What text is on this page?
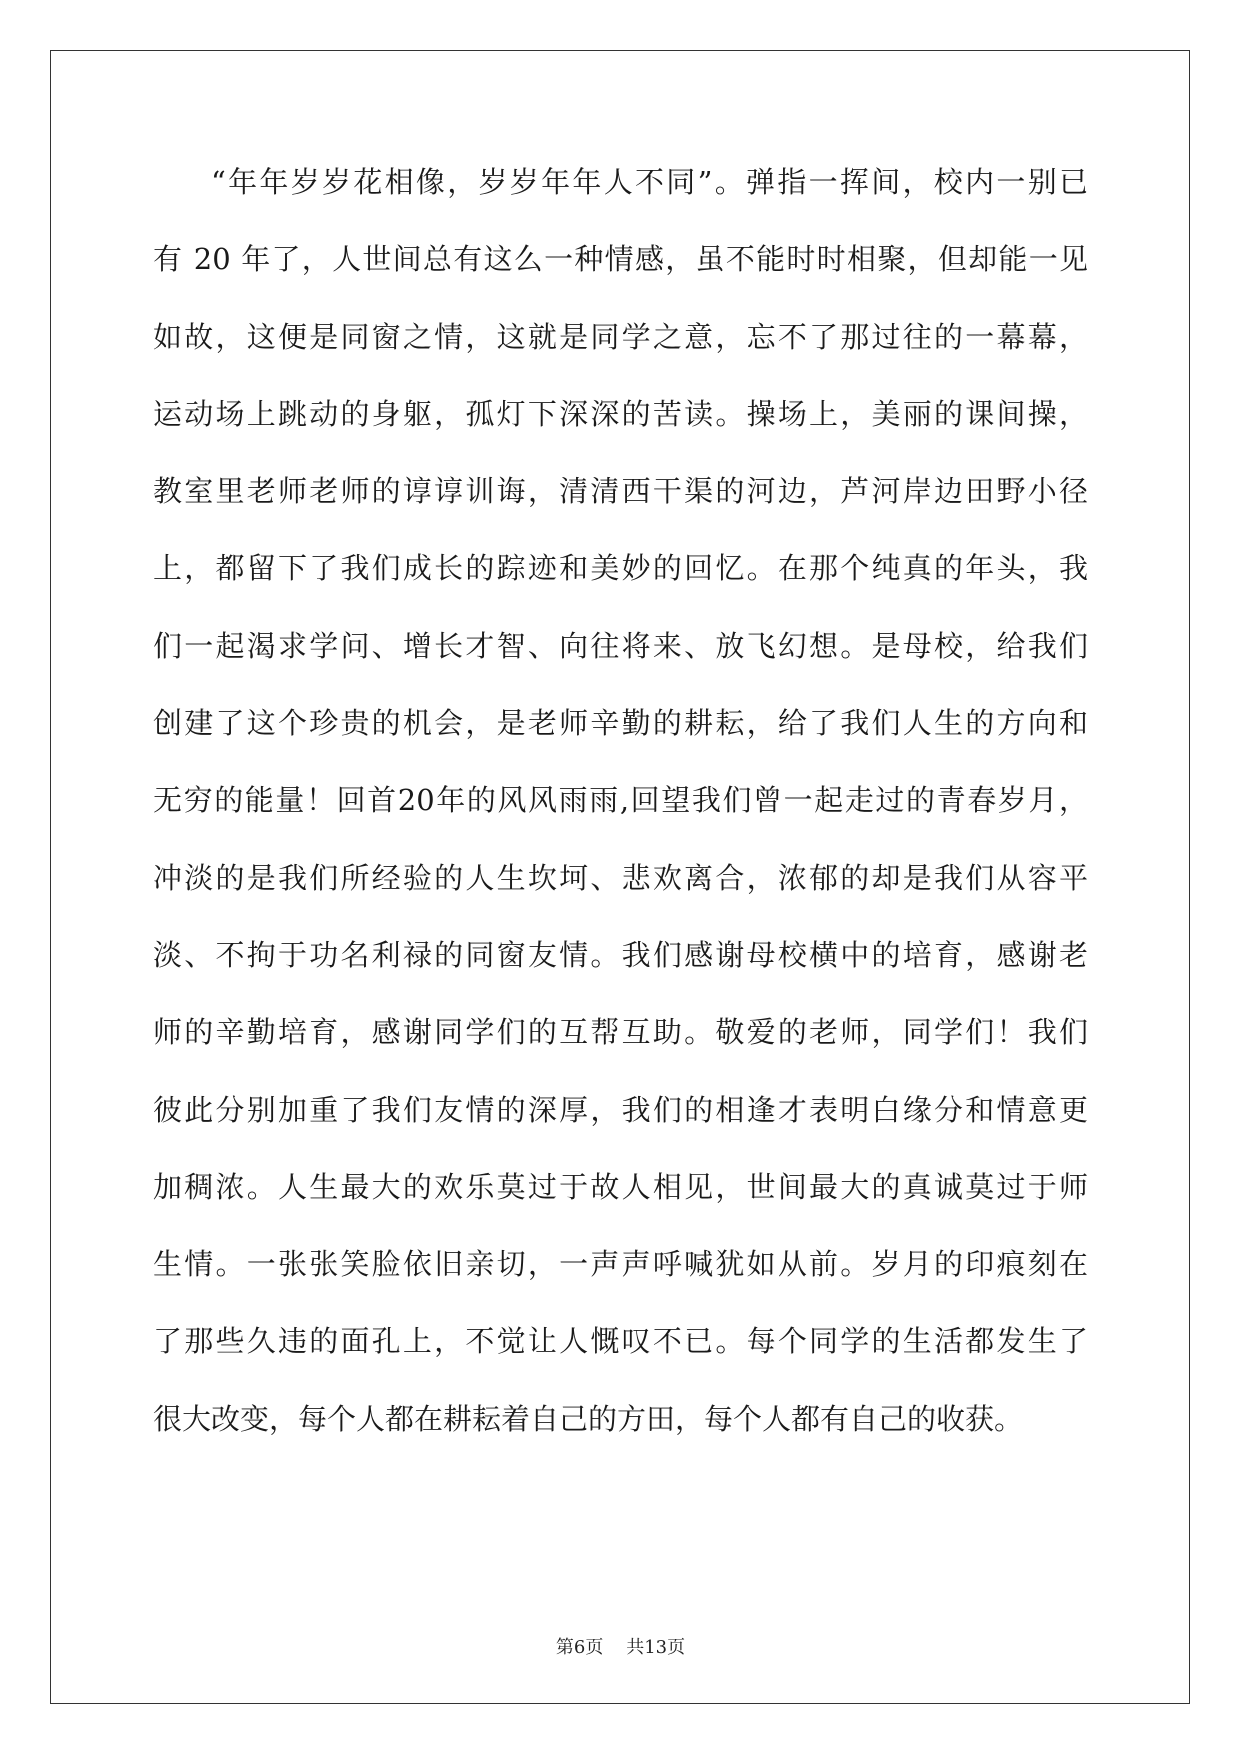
“年年岁岁花相像，岁岁年年人不同”。弹指一挥间，校内一别已
有 20 年了，人世间总有这么一种情感，虽不能时时相聚，但却能一见
如故，这便是同窗之情，这就是同学之意，忘不了那过往的一幕幕，
运动场上跳动的身躯，孤灯下深深的苦读。操场上，美丽的课间操，
教室里老师老师的谆谆训诲，清清西干渠的河边，芦河岸边田野小径
上，都留下了我们成长的踪迹和美妙的回忆。在那个纯真的年头，我
们一起渴求学问、增长才智、向往将来、放飞幻想。是母校，给我们
创建了这个珍贵的机会，是老师辛勤的耕耘，给了我们人生的方向和
无穷的能量！回首20年的风风雨雨,回望我们曾一起走过的青春岁月，
冲淡的是我们所经验的人生坎坷、悲欢离合，浓郁的却是我们从容平
淡、不拘于功名利禄的同窗友情。我们感谢母校横中的培育，感谢老
师的辛勤培育，感谢同学们的互帮互助。敬爱的老师，同学们！我们
彼此分别加重了我们友情的深厚，我们的相逢才表明白缘分和情意更
加稠浓。人生最大的欢乐莫过于故人相见，世间最大的真诚莫过于师
生情。一张张笑脸依旧亲切，一声声呼喊犹如从前。岁月的印痕刻在
了那些久违的面孔上，不觉让人慨叹不已。每个同学的生活都发生了
很大改变，每个人都在耕耘着自己的方田，每个人都有自己的收获。
第6页    共13页
